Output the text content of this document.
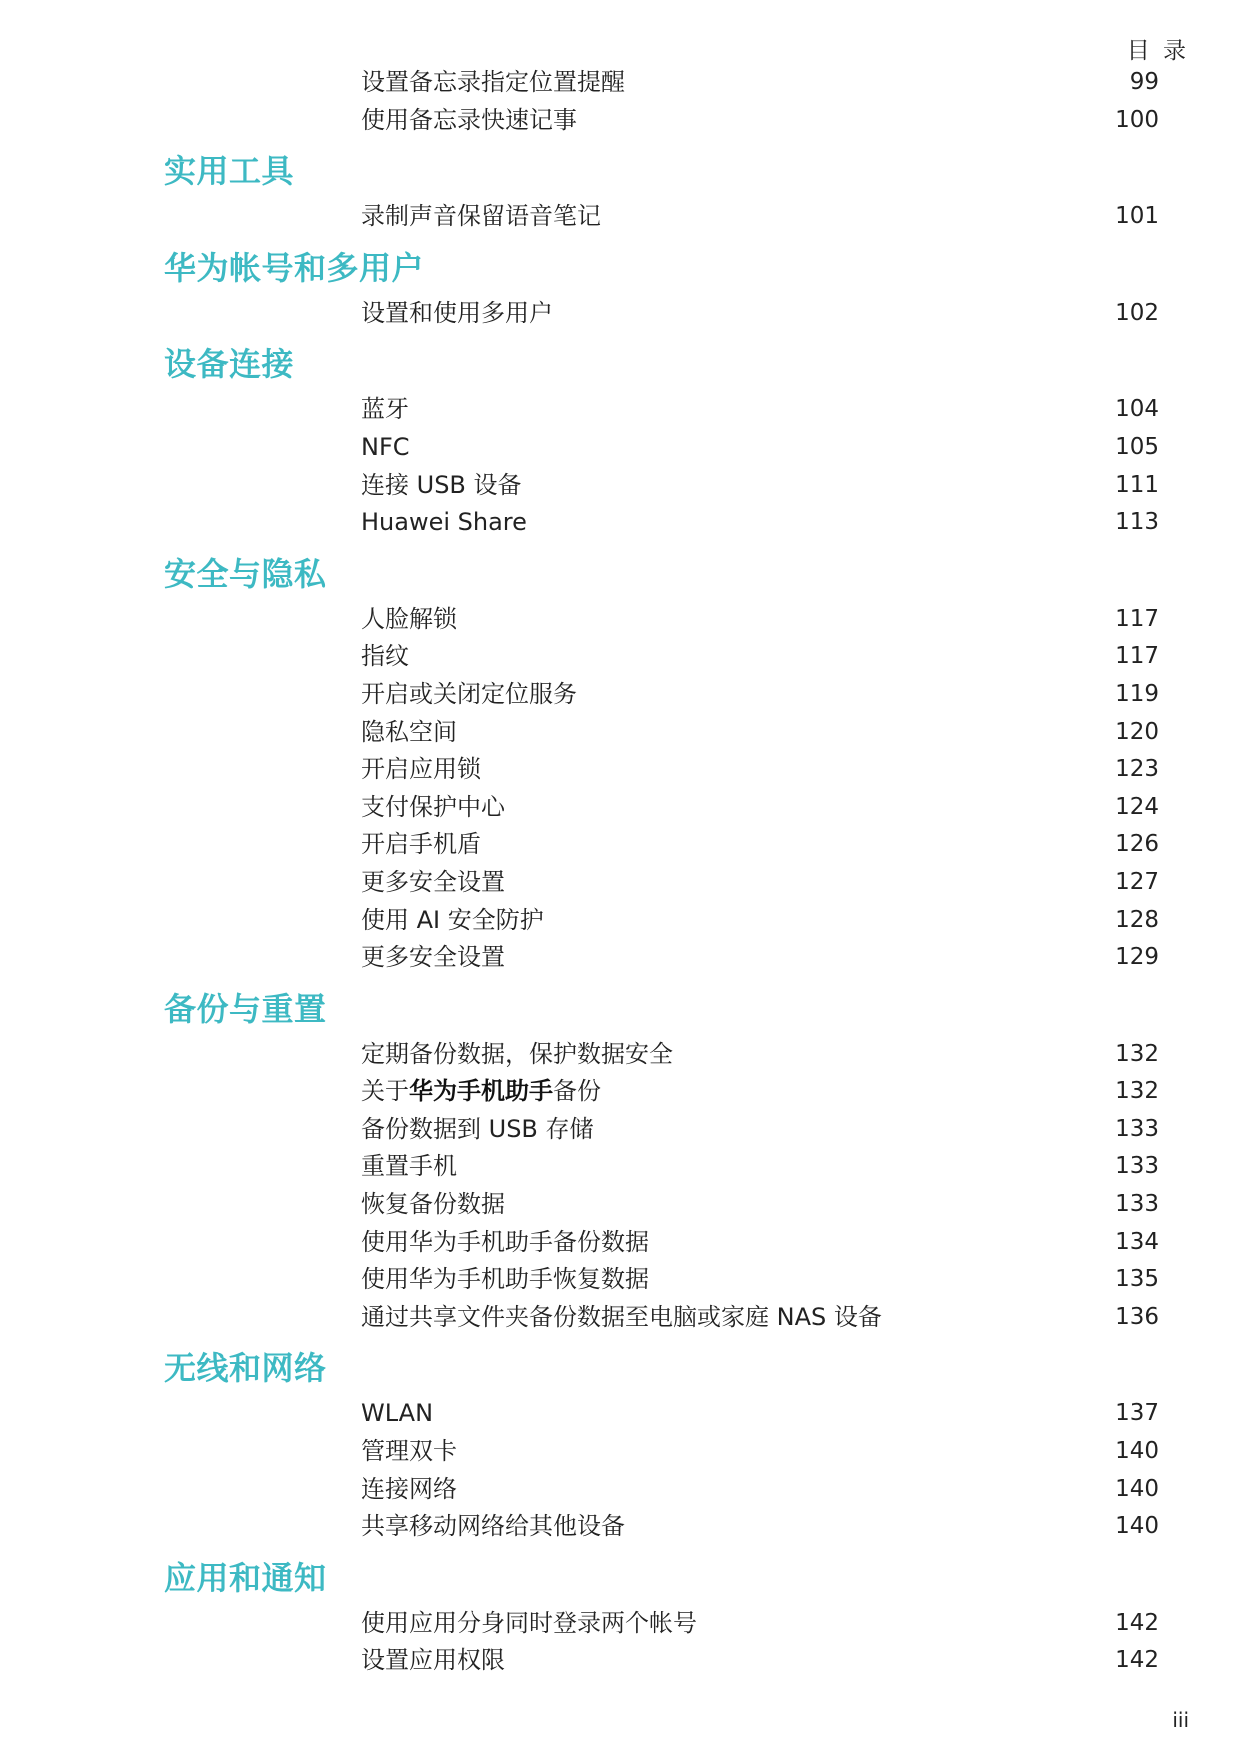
目 录
设置备忘录指定位置提醒	99
使用备忘录快速记事	100
实用工具
录制声音保留语音笔记	101
华为帐号和多用户
设置和使用多用户	102
设备连接
蓝牙	104
NFC	105
连接 USB 设备	111
Huawei Share	113
安全与隐私
人脸解锁	117
指纹	117
开启或关闭定位服务	119
隐私空间	120
开启应用锁	123
支付保护中心	124
开启手机盾	126
更多安全设置	127
使用 AI 安全防护	128
更多安全设置	129
备份与重置
定期备份数据，保护数据安全	132
关于华为手机助手备份	132
备份数据到 USB 存储	133
重置手机	133
恢复备份数据	133
使用华为手机助手备份数据	134
使用华为手机助手恢复数据	135
通过共享文件夹备份数据至电脑或家庭 NAS 设备	136
无线和网络
WLAN	137
管理双卡	140
连接网络	140
共享移动网络给其他设备	140
应用和通知
使用应用分身同时登录两个帐号	142
设置应用权限	142
iii
